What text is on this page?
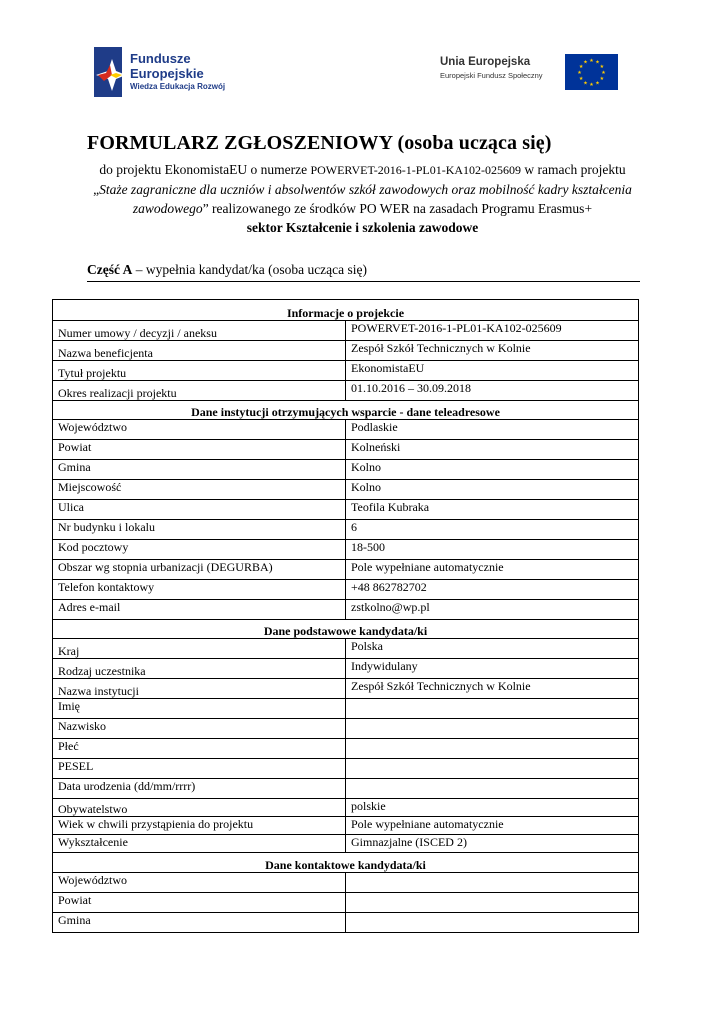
Fundusze
Europejskie
Wiedza Edukacja Rozwój
Unia Europejska
Europejski Fundusz Społeczny
★ ★
★
★
★
★
★
★
★
★
★
★
FORMULARZ ZGŁOSZENIOWY (osoba ucząca się)
do projektu EkonomistaEU o numerze POWERVET-2016-1-PL01-KA102-025609 w ramach projektu
„Staże zagraniczne dla uczniów i absolwentów szkół zawodowych oraz mobilność kadry kształcenia zawodowego” realizowanego ze środków PO WER na zasadach Programu Erasmus+
sektor Kształcenie i szkolenia zawodowe
Część A – wypełnia kandydat/ka (osoba ucząca się)
Informacje o projekcie	
Numer umowy / decyzji / aneksu	POWERVET-2016-1-PL01-KA102-025609
Nazwa beneficjenta	Zespół Szkół Technicznych w Kolnie
Tytuł projektu	EkonomistaEU
Okres realizacji projektu	01.10.2016 – 30.09.2018
Dane instytucji otrzymujących wsparcie - dane teleadresowe	
Województwo	Podlaskie
Powiat	Kolneński
Gmina	Kolno
Miejscowość	Kolno
Ulica	Teofila Kubraka
Nr budynku i lokalu	6
Kod pocztowy	18-500
Obszar wg stopnia urbanizacji (DEGURBA)	Pole wypełniane automatycznie
Telefon kontaktowy	+48 862782702
Adres e-mail	zstkolno@wp.pl
Dane podstawowe kandydata/ki	
Kraj	Polska
Rodzaj uczestnika	Indywidulany
Nazwa instytucji	Zespół Szkół Technicznych w Kolnie
Imię	
Nazwisko	
Płeć	
PESEL	
Data urodzenia (dd/mm/rrrr)	
Obywatelstwo	polskie
Wiek w chwili przystąpienia do projektu	Pole wypełniane automatycznie
Wykształcenie	Gimnazjalne (ISCED 2)
Dane kontaktowe kandydata/ki	
Województwo	
Powiat	
Gmina	
